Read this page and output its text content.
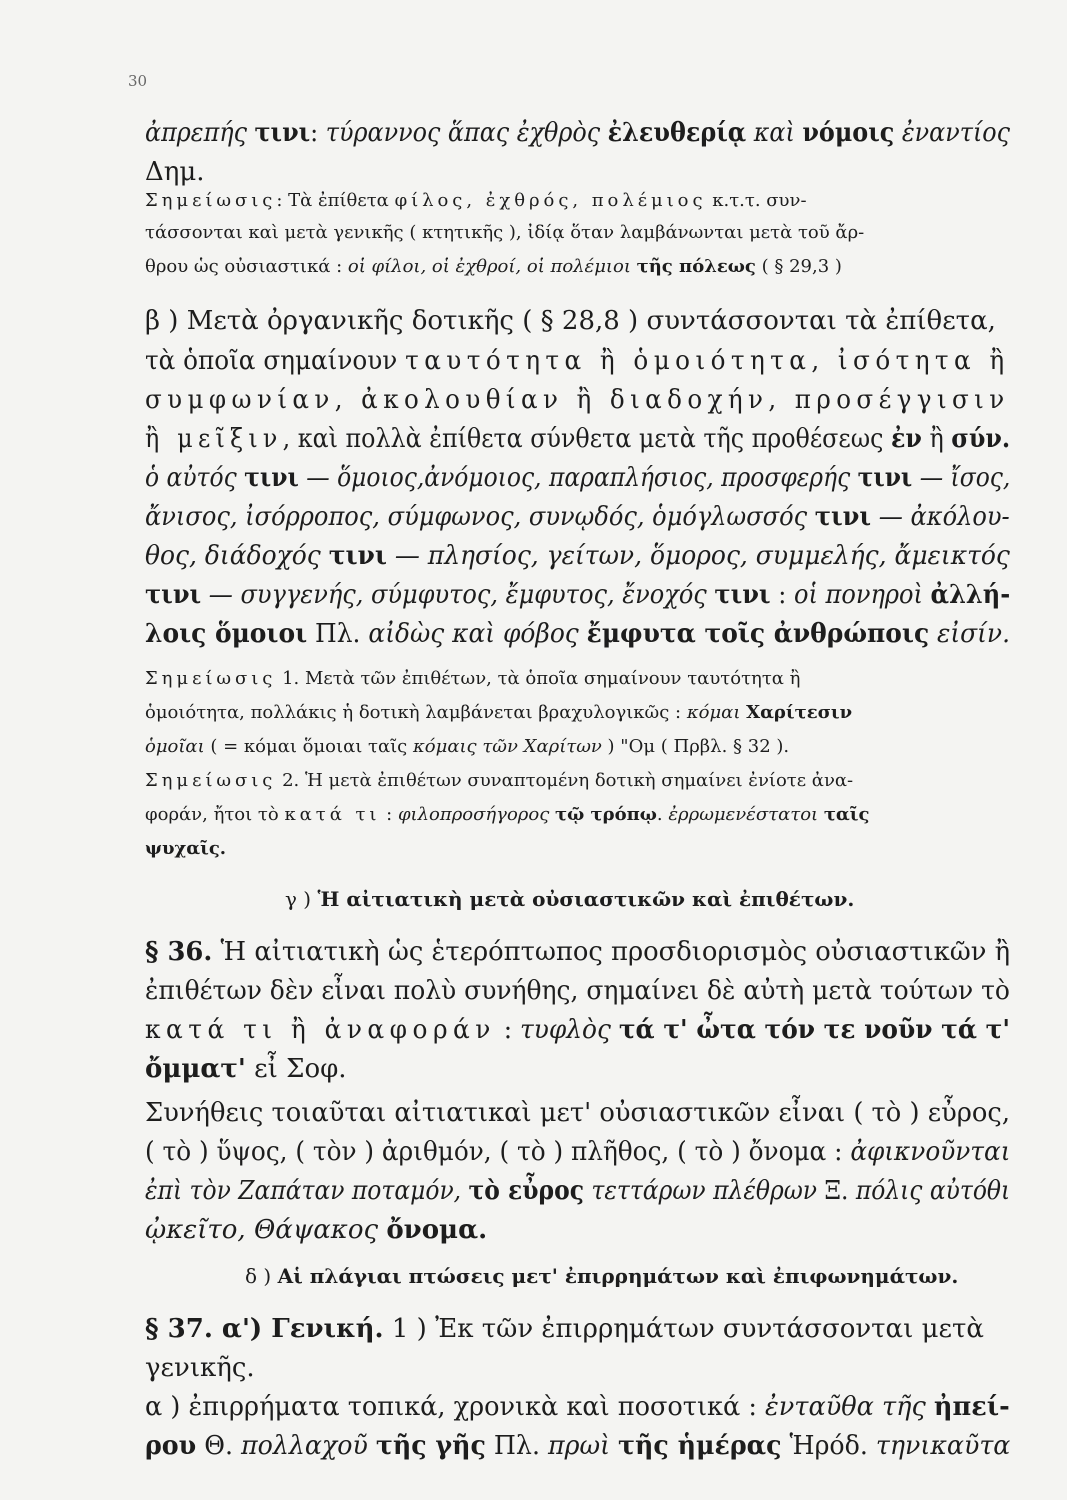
30
ἀπρεπής τινι: τύραννος ἅπας ἐχθρὸς ἐλευθερίᾳ καὶ νόμοις ἐναντίος
Δημ.
Σημείωσις: Τὰ ἐπίθετα φίλος, ἐχθρός, πολέμιος κ.τ.τ. συν-
τάσσονται καὶ μετὰ γενικῆς ( κτητικῆς ), ἰδίᾳ ὅταν λαμβάνωνται μετὰ τοῦ ἄρ-
θρου ὡς οὐσιαστικά : οἱ φίλοι, οἱ ἐχθροί, οἱ πολέμιοι τῆς πόλεως ( § 29,3 )
β ) Μετὰ ὀργανικῆς δοτικῆς ( § 28,8 ) συντάσσονται τὰ ἐπίθετα,
τὰ ὁποῖα σημαίνουν ταυτότητα ἢ ὁμοιότητα, ἰσότητα ἢ
συμφωνίαν, ἀκολουθίαν ἢ διαδοχήν, προσέγγισιν
ἢ μεῖξιν, καὶ πολλὰ ἐπίθετα σύνθετα μετὰ τῆς προθέσεως ἐν ἢ σύν.
ὁ αὐτός τινι — ὅμοιος,ἀνόμοιος, παραπλήσιος, προσφερής τινι — ἴσος,
ἄνισος, ἰσόρροπος, σύμφωνος, συνῳδός, ὁμόγλωσσός τινι — ἀκόλου-
θος, διάδοχός τινι — πλησίος, γείτων, ὅμορος, συμμελής, ἄμεικτός
τινι — συγγενής, σύμφυτος, ἔμφυτος, ἔνοχός τινι : οἱ πονηροὶ ἀλλή-
λοις ὅμοιοι Πλ. αἰδὼς καὶ φόβος ἔμφυτα τοῖς ἀνθρώποις εἰσίν.
Σημείωσις 1. Μετὰ τῶν ἐπιθέτων, τὰ ὁποῖα σημαίνουν ταυτότητα ἢ
ὁμοιότητα, πολλάκις ἡ δοτικὴ λαμβάνεται βραχυλογικῶς : κόμαι Χαρίτεσιν
ὁμοῖαι ( = κόμαι ὅμοιαι ταῖς κόμαις τῶν Χαρίτων ) "Ομ ( Πρβλ. § 32 ).
Σημείωσις 2. Ἡ μετὰ ἐπιθέτων συναπτομένη δοτικὴ σημαίνει ἐνίοτε ἀνα-
φοράν, ἤτοι τὸ κατά τι : φιλοπροσήγορος τῷ τρόπῳ. ἐρρωμενέστατοι ταῖς
ψυχαῖς.
γ ) Ἡ αἰτιατικὴ μετὰ οὐσιαστικῶν καὶ ἐπιθέτων.
§ 36. Ἡ αἰτιατικὴ ὡς ἑτερόπτωπος προσδιορισμὸς οὐσιαστικῶν ἢ
ἐπιθέτων δὲν εἶναι πολὺ συνήθης, σημαίνει δὲ αὐτὴ μετὰ τούτων τὸ
κατά τι ἢ ἀναφοράν : τυφλὸς τά τ' ὦτα τόν τε νοῦν τά τ'
ὄμματ' εἶ Σοφ.
Συνήθεις τοιαῦται αἰτιατικαὶ μετ' οὐσιαστικῶν εἶναι ( τὸ ) εὖρος,
( τὸ ) ὕψος, ( τὸν ) ἀριθμόν, ( τὸ ) πλῆθος, ( τὸ ) ὄνομα : ἀφικνοῦνται
ἐπὶ τὸν Ζαπάταν ποταμόν, τὸ εὖρος τεττάρων πλέθρων Ξ. πόλις αὐτόθι
ᾠκεῖτο, Θάψακος ὄνομα.
δ ) Αἱ πλάγιαι πτώσεις μετ' ἐπιρρημάτων καὶ ἐπιφωνημάτων.
§ 37. α') Γενική. 1 ) Ἐκ τῶν ἐπιρρημάτων συντάσσονται μετὰ
γενικῆς.
α ) ἐπιρρήματα τοπικά, χρονικὰ καὶ ποσοτικά : ἐνταῦθα τῆς ἠπεί-
ρου Θ. πολλαχοῦ τῆς γῆς Πλ. πρωὶ τῆς ἡμέρας Ἡρόδ. τηνικαῦτα
